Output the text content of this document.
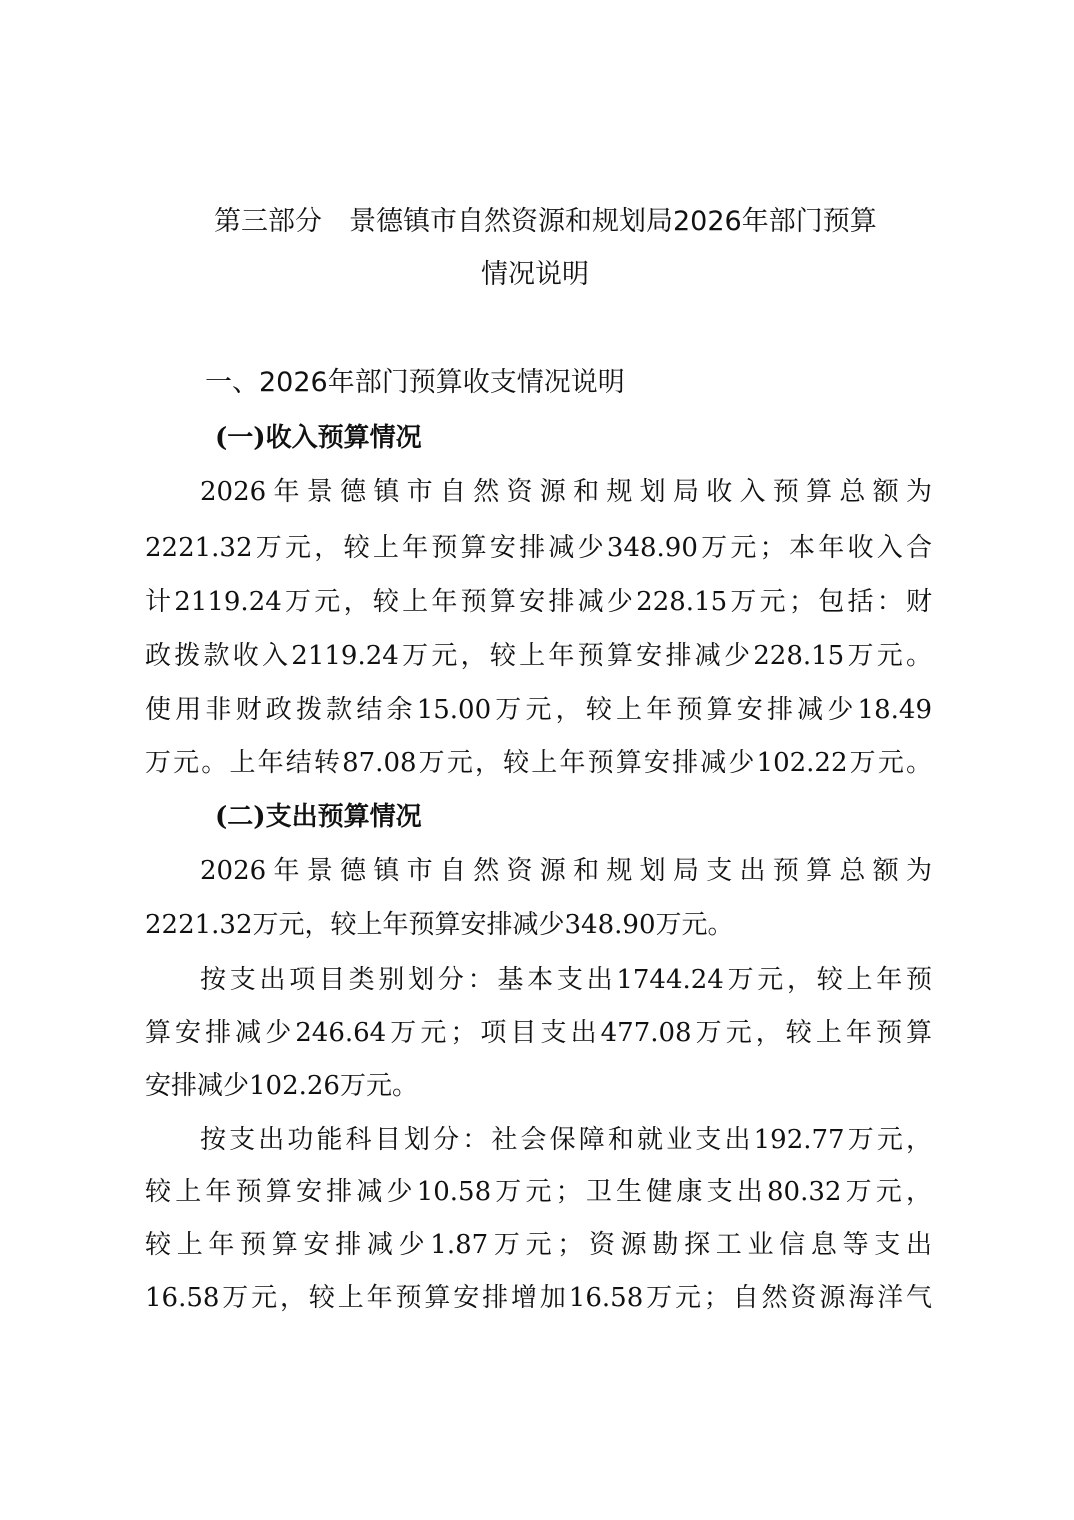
第三部分　景德镇市自然资源和规划局2026年部门预算
情况说明
一、2026年部门预算收支情况说明
(一)收入预算情况
2026年景德镇市自然资源和规划局收入预算总额为
2221.32万元，较上年预算安排减少348.90万元；本年收入合
计2119.24万元，较上年预算安排减少228.15万元；包括：财
政拨款收入2119.24万元，较上年预算安排减少228.15万元。
使用非财政拨款结余15.00万元，较上年预算安排减少18.49
万元。上年结转87.08万元，较上年预算安排减少102.22万元。
(二)支出预算情况
2026年景德镇市自然资源和规划局支出预算总额为
2221.32万元，较上年预算安排减少348.90万元。
按支出项目类别划分：基本支出1744.24万元，较上年预
算安排减少246.64万元；项目支出477.08万元，较上年预算
安排减少102.26万元。
按支出功能科目划分：社会保障和就业支出192.77万元，
较上年预算安排减少10.58万元；卫生健康支出80.32万元，
较上年预算安排减少1.87万元；资源勘探工业信息等支出
16.58万元，较上年预算安排增加16.58万元；自然资源海洋气
